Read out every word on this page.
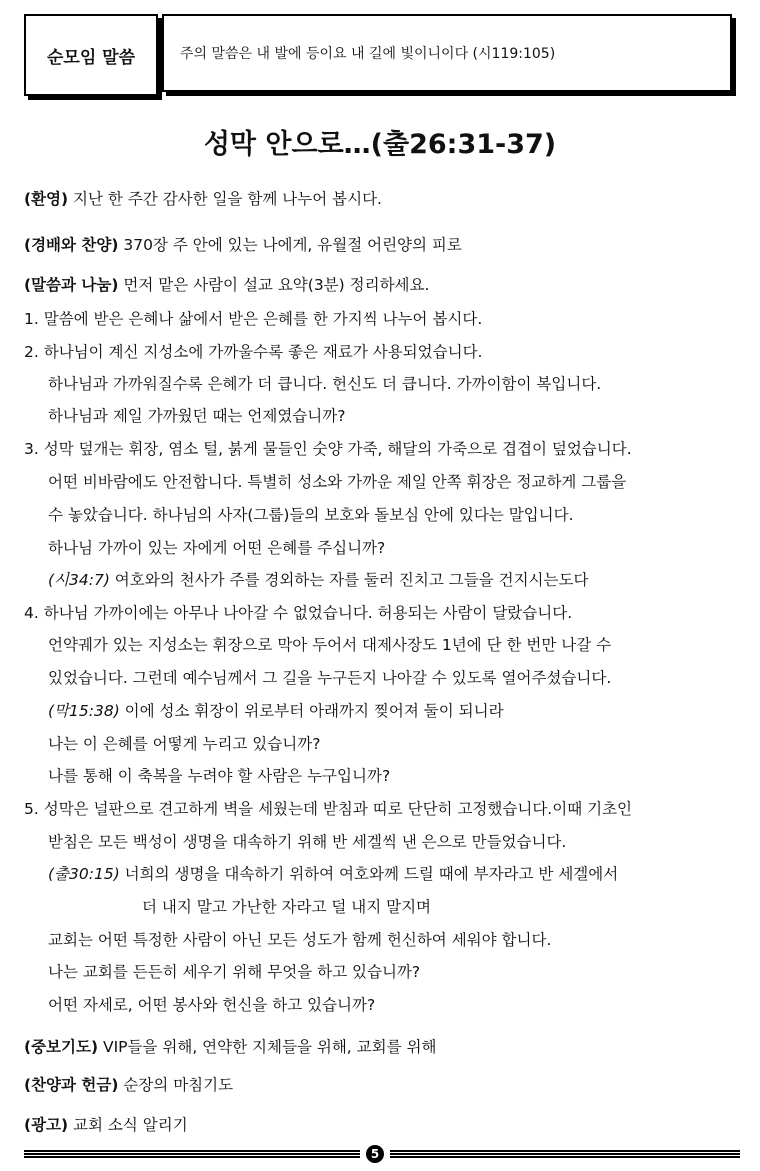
순모임 말씀	주의 말씀은 내 발에 등이요 내 길에 빛이니이다 (시119:105)
성막 안으로…(출26:31-37)
(환영) 지난 한 주간 감사한 일을 함께 나누어 봅시다.
(경배와 찬양) 370장 주 안에 있는 나에게, 유월절 어린양의 피로
(말씀과 나눔) 먼저 맡은 사람이 설교 요약(3분) 정리하세요.
1. 말씀에 받은 은혜나 삶에서 받은 은혜를 한 가지씩 나누어 봅시다.
2. 하나님이 계신 지성소에 가까울수록 좋은 재료가 사용되었습니다.
하나님과 가까워질수록 은혜가 더 큽니다. 헌신도 더 큽니다. 가까이함이 복입니다.
하나님과 제일 가까웠던 때는 언제였습니까?
3. 성막 덮개는 휘장, 염소 털, 붉게 물들인 숫양 가죽, 해달의 가죽으로 겹겹이 덮었습니다.
어떤 비바람에도 안전합니다. 특별히 성소와 가까운 제일 안쪽 휘장은 정교하게 그룹을
수 놓았습니다. 하나님의 사자(그룹)들의 보호와 돌보심 안에 있다는 말입니다.
하나님 가까이 있는 자에게 어떤 은혜를 주십니까?
(시34:7) 여호와의 천사가 주를 경외하는 자를 둘러 진치고 그들을 건지시는도다
4. 하나님 가까이에는 아무나 나아갈 수 없었습니다. 허용되는 사람이 달랐습니다.
언약궤가 있는 지성소는 휘장으로 막아 두어서 대제사장도 1년에 단 한 번만 나갈 수
있었습니다. 그런데 예수님께서 그 길을 누구든지 나아갈 수 있도록 열어주셨습니다.
(막15:38) 이에 성소 휘장이 위로부터 아래까지 찢어져 둘이 되니라
나는 이 은혜를 어떻게 누리고 있습니까?
나를 통해 이 축복을 누려야 할 사람은 누구입니까?
5. 성막은 널판으로 견고하게 벽을 세웠는데 받침과 띠로 단단히 고정했습니다.이때 기초인
받침은 모든 백성이 생명을 대속하기 위해 반 세겔씩 낸 은으로 만들었습니다.
(출30:15) 너희의 생명을 대속하기 위하여 여호와께 드릴 때에 부자라고 반 세겔에서
더 내지 말고 가난한 자라고 덜 내지 말지며
교회는 어떤 특정한 사람이 아닌 모든 성도가 함께 헌신하여 세워야 합니다.
나는 교회를 든든히 세우기 위해 무엇을 하고 있습니까?
어떤 자세로, 어떤 봉사와 헌신을 하고 있습니까?
(중보기도) VIP들을 위해, 연약한 지체들을 위해, 교회를 위해
(찬양과 헌금) 순장의 마침기도
(광고) 교회 소식 알리기
5
